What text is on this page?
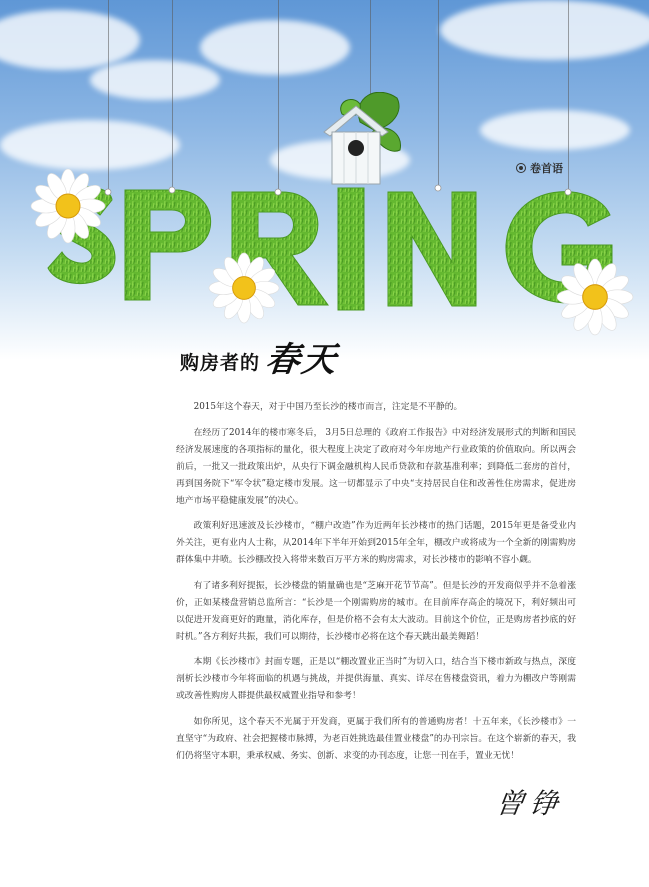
卷首语
购房者的 春天

2015年这个春天，对于中国乃至长沙的楼市而言，注定是不平静的。

在经历了2014年的楼市寒冬后， 3月5日总理的《政府工作报告》中对经济发展形式的判断和国民经济发展速度的各项指标的量化，很大程度上决定了政府对今年房地产行业政策的价值取向。所以两会前后，一批又一批政策出炉，从央行下调金融机构人民币贷款和存款基准利率；到降低二套房的首付，再到国务院下“军令状”稳定楼市发展。这一切都显示了中央“支持居民自住和改善性住房需求，促进房地产市场平稳健康发展”的决心。

政策利好迅速波及长沙楼市，“棚户改造”作为近两年长沙楼市的热门话题，2015年更是备受业内外关注，更有业内人士称，从2014年下半年开始到2015年全年，棚改户或将成为一个全新的刚需购房群体集中井喷。长沙棚改投入将带来数百万平方米的购房需求，对长沙楼市的影响不容小觑。

有了诸多利好提振，长沙楼盘的销量确也是“芝麻开花节节高”。但是长沙的开发商似乎并不急着涨价，正如某楼盘营销总监所言：“长沙是一个刚需购房的城市。在目前库存高企的境况下，利好频出可以促进开发商更好的跑量，消化库存，但是价格不会有太大波动。目前这个价位，正是购房者抄底的好时机。”各方利好共振，我们可以期待，长沙楼市必将在这个春天跳出最美舞蹈！

本期《长沙楼市》封面专题，正是以“棚改置业正当时”为切入口，结合当下楼市新政与热点，深度剖析长沙楼市今年将面临的机遇与挑战，并提供海量、真实、详尽在售楼盘资讯，着力为棚改户等刚需或改善性购房人群提供最权威置业指导和参考！

如你所见，这个春天不光属于开发商，更属于我们所有的普通购房者！十五年来，《长沙楼市》一直坚守“为政府、社会把握楼市脉搏，为老百姓挑选最佳置业楼盘”的办刊宗旨。在这个崭新的春天，我们仍将坚守本职，秉承权威、务实、创新、求变的办刊态度，让您一刊在手，置业无忧！

曾铮
